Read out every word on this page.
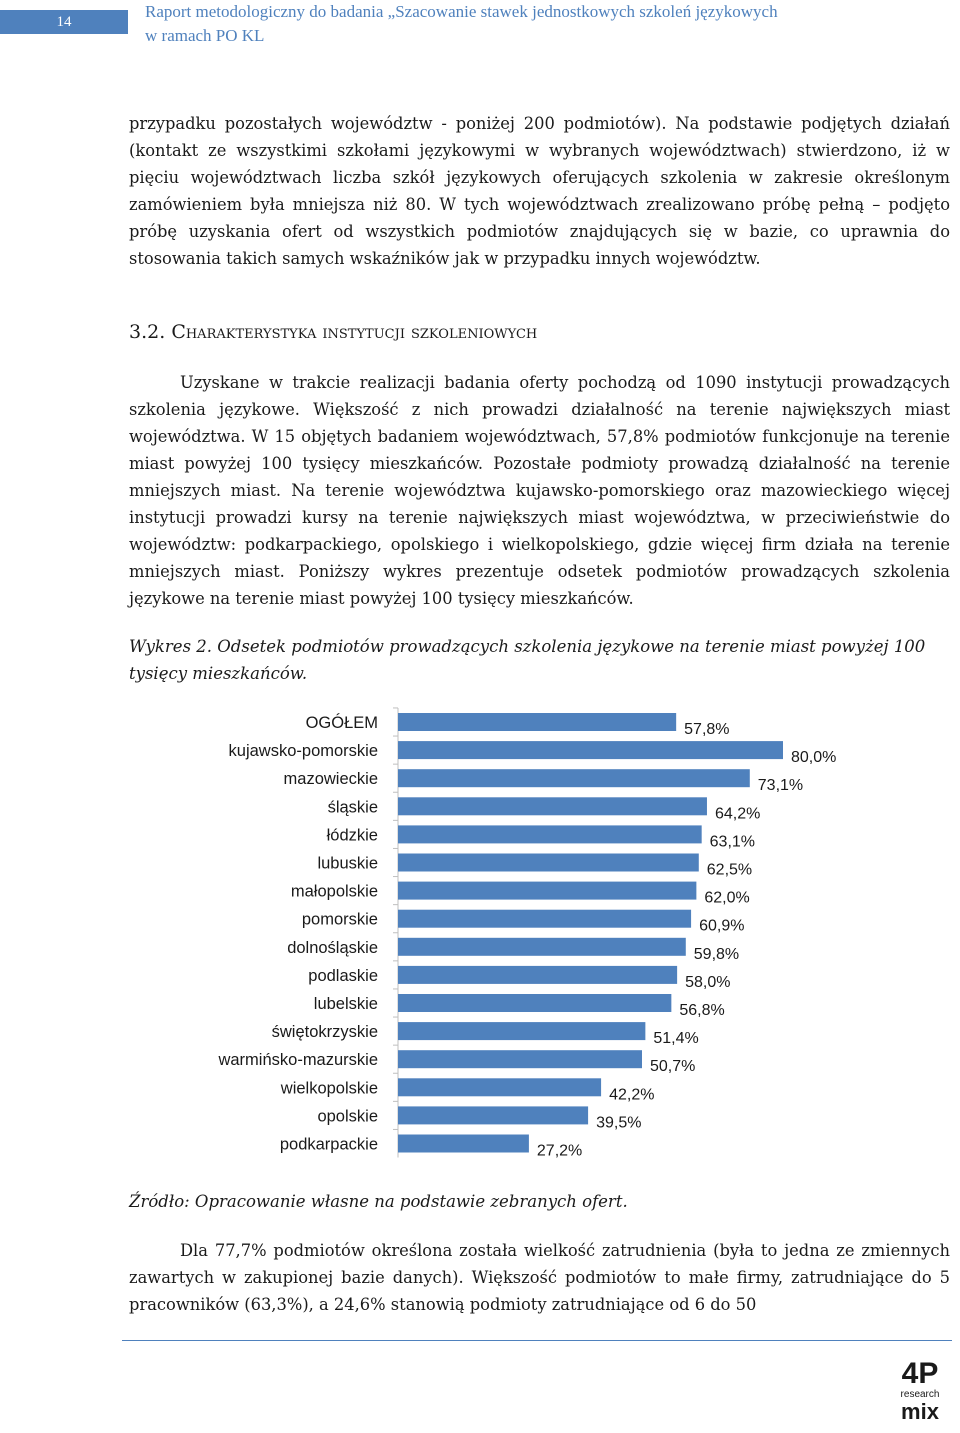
14
Raport metodologiczny do badania „Szacowanie stawek jednostkowych szkoleń językowych
w ramach PO KL

przypadku pozostałych województw - poniżej 200 podmiotów). Na podstawie podjętych działań (kontakt ze wszystkimi szkołami językowymi w wybranych województwach) stwierdzono, iż w pięciu województwach liczba szkół językowych oferujących szkolenia w zakresie określonym zamówieniem była mniejsza niż 80. W tych województwach zrealizowano próbę pełną – podjęto próbę uzyskania ofert od wszystkich podmiotów znajdujących się w bazie, co uprawnia do stosowania takich samych wskaźników jak w przypadku innych województw.

3.2. Charakterystyka instytucji szkoleniowych

Uzyskane w trakcie realizacji badania oferty pochodzą od 1090 instytucji prowadzących szkolenia językowe. Większość z nich prowadzi działalność na terenie największych miast województwa. W 15 objętych badaniem województwach, 57,8% podmiotów funkcjonuje na terenie miast powyżej 100 tysięcy mieszkańców. Pozostałe podmioty prowadzą działalność na terenie mniejszych miast. Na terenie województwa kujawsko-pomorskiego oraz mazowieckiego więcej instytucji prowadzi kursy na terenie największych miast województwa, w przeciwieństwie do województw: podkarpackiego, opolskiego i wielkopolskiego, gdzie więcej firm działa na terenie mniejszych miast. Poniższy wykres prezentuje odsetek podmiotów prowadzących szkolenia językowe na terenie miast powyżej 100 tysięcy mieszkańców.

Wykres 2. Odsetek podmiotów prowadzących szkolenia językowe na terenie miast powyżej 100 tysięcy mieszkańców.
OGÓŁEM	57,8%
kujawsko-pomorskie	80,0%
mazowieckie	73,1%
śląskie	64,2%
łódzkie	63,1%
lubuskie	62,5%
małopolskie	62,0%
pomorskie	60,9%
dolnośląskie	59,8%
podlaskie	58,0%
lubelskie	56,8%
świętokrzyskie	51,4%
warmińsko-mazurskie	50,7%
wielkopolskie	42,2%
opolskie	39,5%
podkarpackie	27,2%
Źródło: Opracowanie własne na podstawie zebranych ofert.

Dla 77,7% podmiotów określona została wielkość zatrudnienia (była to jedna ze zmiennych zawartych w zakupionej bazie danych). Większość podmiotów to małe firmy, zatrudniające do 5 pracowników (63,3%), a 24,6% stanowią podmioty zatrudniające od 6 do 50

4P
research
mix
